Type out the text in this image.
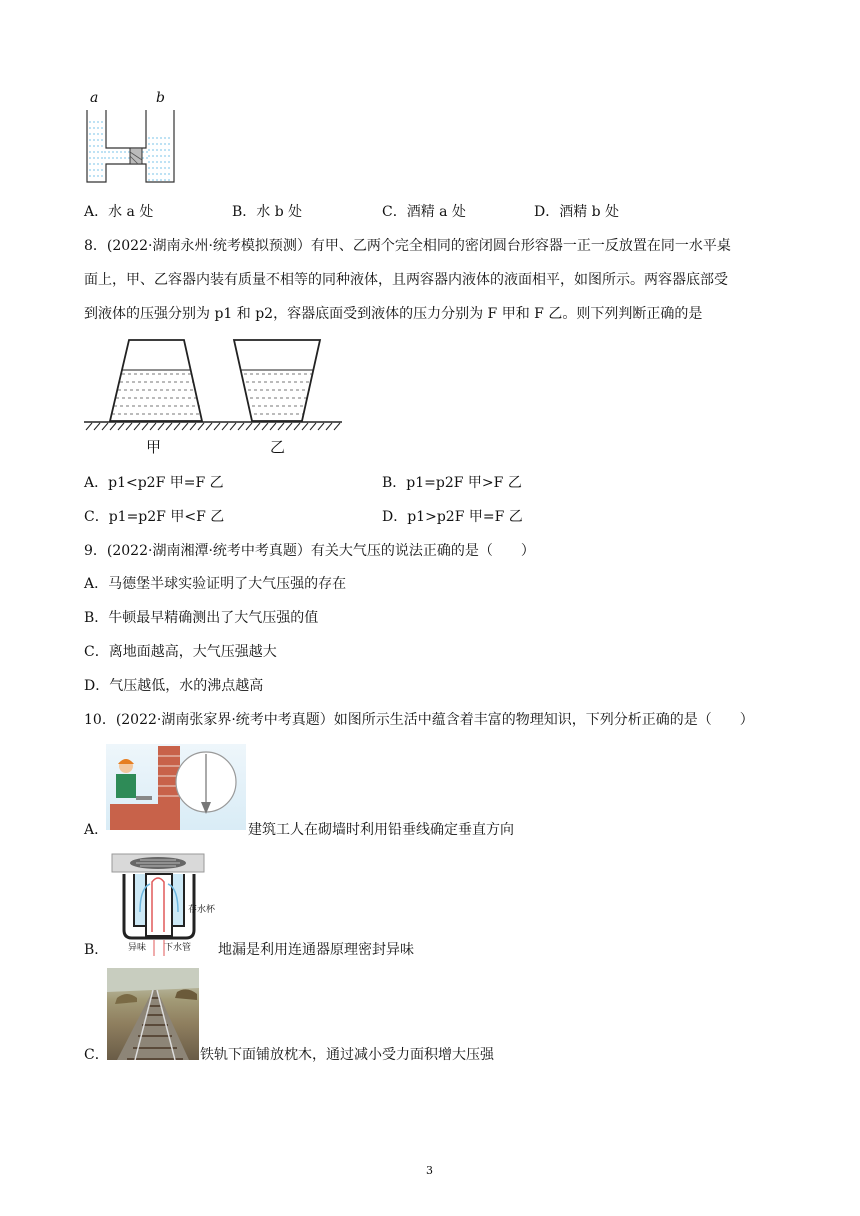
a	b
A．水 a 处	B．水 b 处	C．酒精 a 处	D．酒精 b 处
8．(2022·湖南永州·统考模拟预测）有甲、乙两个完全相同的密闭圆台形容器一正一反放置在同一水平桌
面上，甲、乙容器内装有质量不相等的同种液体，且两容器内液体的液面相平，如图所示。两容器底部受
到液体的压强分别为 p1 和 p2，容器底面受到液体的压力分别为 F 甲和 F 乙。则下列判断正确的是
甲	乙
A．p1<p2F 甲=F 乙	B．p1=p2F 甲>F 乙
C．p1=p2F 甲<F 乙	D．p1>p2F 甲=F 乙
9．(2022·湖南湘潭·统考中考真题）有关大气压的说法正确的是（　　）
A．马德堡半球实验证明了大气压强的存在
B．牛顿最早精确测出了大气压强的值
C．离地面越高，大气压强越大
D．气压越低，水的沸点越高
10．(2022·湖南张家界·统考中考真题）如图所示生活中蕴含着丰富的物理知识，下列分析正确的是（　　）
A．	建筑工人在砌墙时利用铅垂线确定垂直方向
存水杯
异味 下水管
B．	地漏是利用连通器原理密封异味
C．	铁轨下面铺放枕木，通过减小受力面积增大压强
3
